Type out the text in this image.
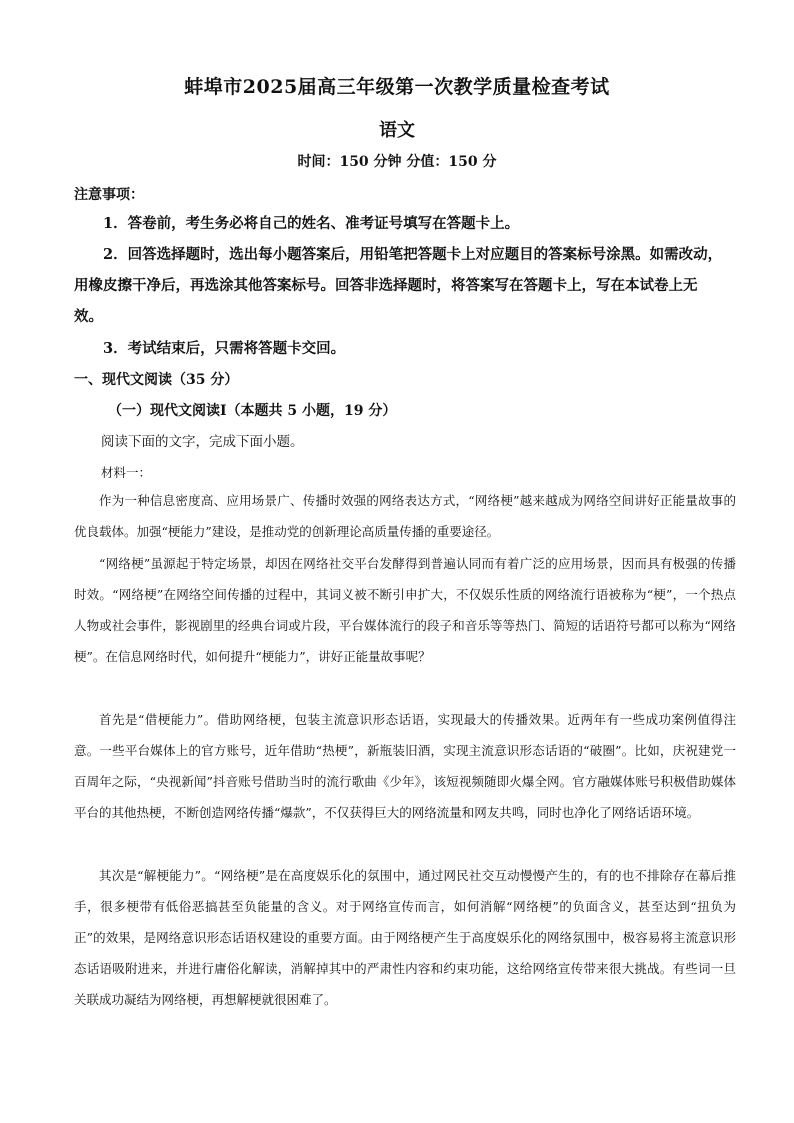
蚌埠市2025届高三年级第一次教学质量检查考试
语文
时间：150 分钟 分值：150 分
注意事项：

1．答卷前，考生务必将自己的姓名、准考证号填写在答题卡上。

2．回答选择题时，选出每小题答案后，用铅笔把答题卡上对应题目的答案标号涂黑。如需改动，用橡皮擦干净后，再选涂其他答案标号。回答非选择题时，将答案写在答题卡上，写在本试卷上无效。

3．考试结束后，只需将答题卡交回。

一、现代文阅读（35 分）
（一）现代文阅读Ⅰ（本题共 5 小题，19 分）
阅读下面的文字，完成下面小题。
材料一：

作为一种信息密度高、应用场景广、传播时效强的网络表达方式，“网络梗”越来越成为网络空间讲好正能量故事的优良载体。加强“梗能力”建设，是推动党的创新理论高质量传播的重要途径。

“网络梗”虽源起于特定场景，却因在网络社交平台发酵得到普遍认同而有着广泛的应用场景，因而具有极强的传播时效。“网络梗”在网络空间传播的过程中，其词义被不断引申扩大，不仅娱乐性质的网络流行语被称为“梗”，一个热点人物或社会事件，影视剧里的经典台词或片段，平台媒体流行的段子和音乐等等热门、简短的话语符号都可以称为“网络梗”。在信息网络时代，如何提升“梗能力”，讲好正能量故事呢？

首先是“借梗能力”。借助网络梗，包装主流意识形态话语，实现最大的传播效果。近两年有一些成功案例值得注意。一些平台媒体上的官方账号，近年借助“热梗”，新瓶装旧酒，实现主流意识形态话语的“破圈”。比如，庆祝建党一百周年之际，“央视新闻”抖音账号借助当时的流行歌曲《少年》，该短视频随即火爆全网。官方融媒体账号积极借助媒体平台的其他热梗，不断创造网络传播“爆款”，不仅获得巨大的网络流量和网友共鸣，同时也净化了网络话语环境。

其次是“解梗能力”。“网络梗”是在高度娱乐化的氛围中，通过网民社交互动慢慢产生的，有的也不排除存在幕后推手，很多梗带有低俗恶搞甚至负能量的含义。对于网络宣传而言，如何消解“网络梗”的负面含义，甚至达到“扭负为正”的效果，是网络意识形态话语权建设的重要方面。由于网络梗产生于高度娱乐化的网络氛围中，极容易将主流意识形态话语吸附进来，并进行庸俗化解读，消解掉其中的严肃性内容和约束功能，这给网络宣传带来很大挑战。有些词一旦关联成功凝结为网络梗，再想解梗就很困难了。
